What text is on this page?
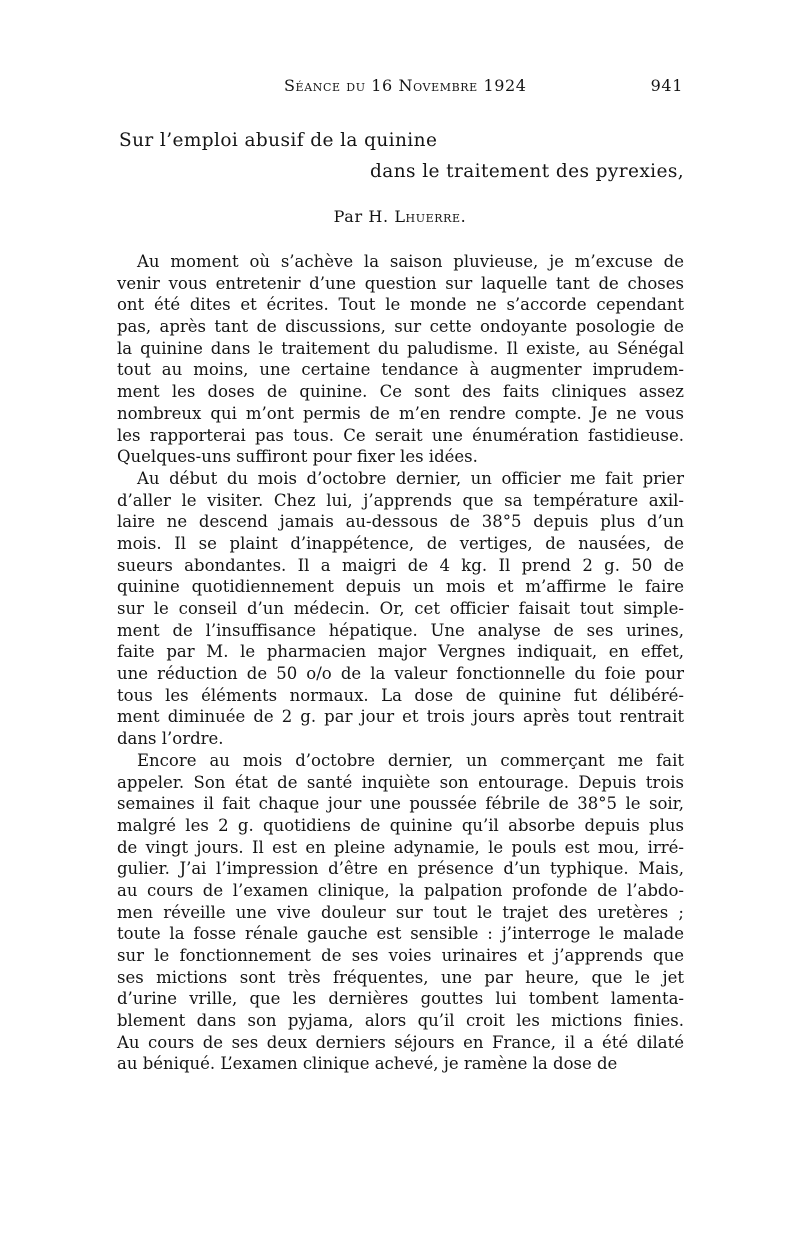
Séance du 16 Novembre 1924	941
Sur l’emploi abusif de la quinine
dans le traitement des pyrexies,
Par H. Lhuerre.
Au moment où s’achève la saison pluvieuse, je m’excuse de
venir vous entretenir d’une question sur laquelle tant de choses
ont été dites et écrites. Tout le monde ne s’accorde cependant
pas, après tant de discussions, sur cette ondoyante posologie de
la quinine dans le traitement du paludisme. Il existe, au Sénégal
tout au moins, une certaine tendance à augmenter imprudem-
ment les doses de quinine. Ce sont des faits cliniques assez
nombreux qui m’ont permis de m’en rendre compte. Je ne vous
les rapporterai pas tous. Ce serait une énumération fastidieuse.
Quelques-uns suffiront pour fixer les idées.
Au début du mois d’octobre dernier, un officier me fait prier
d’aller le visiter. Chez lui, j’apprends que sa température axil-
laire ne descend jamais au-dessous de 38°5 depuis plus d’un
mois. Il se plaint d’inappétence, de vertiges, de nausées, de
sueurs abondantes. Il a maigri de 4 kg. Il prend 2 g. 50 de
quinine quotidiennement depuis un mois et m’affirme le faire
sur le conseil d’un médecin. Or, cet officier faisait tout simple-
ment de l’insuffisance hépatique. Une analyse de ses urines,
faite par M. le pharmacien major Vergnes indiquait, en effet,
une réduction de 50 o/o de la valeur fonctionnelle du foie pour
tous les éléments normaux. La dose de quinine fut délibéré-
ment diminuée de 2 g. par jour et trois jours après tout rentrait
dans l’ordre.
Encore au mois d’octobre dernier, un commerçant me fait
appeler. Son état de santé inquiète son entourage. Depuis trois
semaines il fait chaque jour une poussée fébrile de 38°5 le soir,
malgré les 2 g. quotidiens de quinine qu’il absorbe depuis plus
de vingt jours. Il est en pleine adynamie, le pouls est mou, irré-
gulier. J’ai l’impression d’être en présence d’un typhique. Mais,
au cours de l’examen clinique, la palpation profonde de l’abdo-
men réveille une vive douleur sur tout le trajet des uretères ;
toute la fosse rénale gauche est sensible : j’interroge le malade
sur le fonctionnement de ses voies urinaires et j’apprends que
ses mictions sont très fréquentes, une par heure, que le jet
d’urine vrille, que les dernières gouttes lui tombent lamenta-
blement dans son pyjama, alors qu’il croit les mictions finies.
Au cours de ses deux derniers séjours en France, il a été dilaté
au béniqué. L’examen clinique achevé, je ramène la dose de
